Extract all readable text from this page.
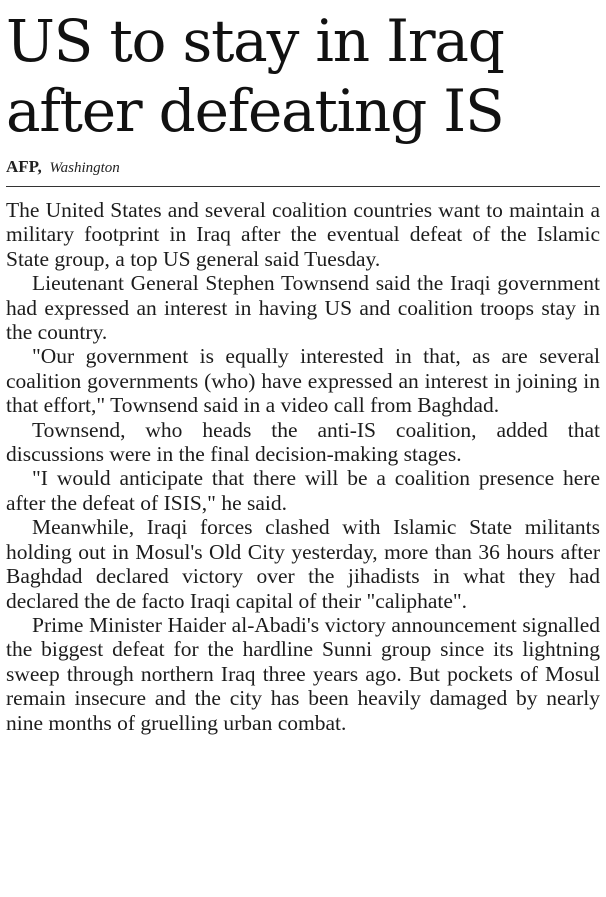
US to stay in Iraq
after defeating IS
AFP, Washington

The United States and several coalition countries want to maintain a military footprint in Iraq after the eventual defeat of the Islamic State group, a top US general said Tuesday.

Lieutenant General Stephen Townsend said the Iraqi government had expressed an interest in having US and coalition troops stay in the country.

"Our government is equally interested in that, as are several coalition governments (who) have expressed an interest in joining in that effort," Townsend said in a video call from Baghdad.

Townsend, who heads the anti-IS coalition, added that discussions were in the final decision-making stages.

"I would anticipate that there will be a coalition presence here after the defeat of ISIS," he said.

Meanwhile, Iraqi forces clashed with Islamic State militants holding out in Mosul's Old City yesterday, more than 36 hours after Baghdad declared victory over the jihadists in what they had declared the de facto Iraqi capital of their "caliphate".

Prime Minister Haider al-Abadi's victory announcement signalled the biggest defeat for the hardline Sunni group since its lightning sweep through northern Iraq three years ago. But pockets of Mosul remain insecure and the city has been heavily damaged by nearly nine months of gruelling urban combat.
